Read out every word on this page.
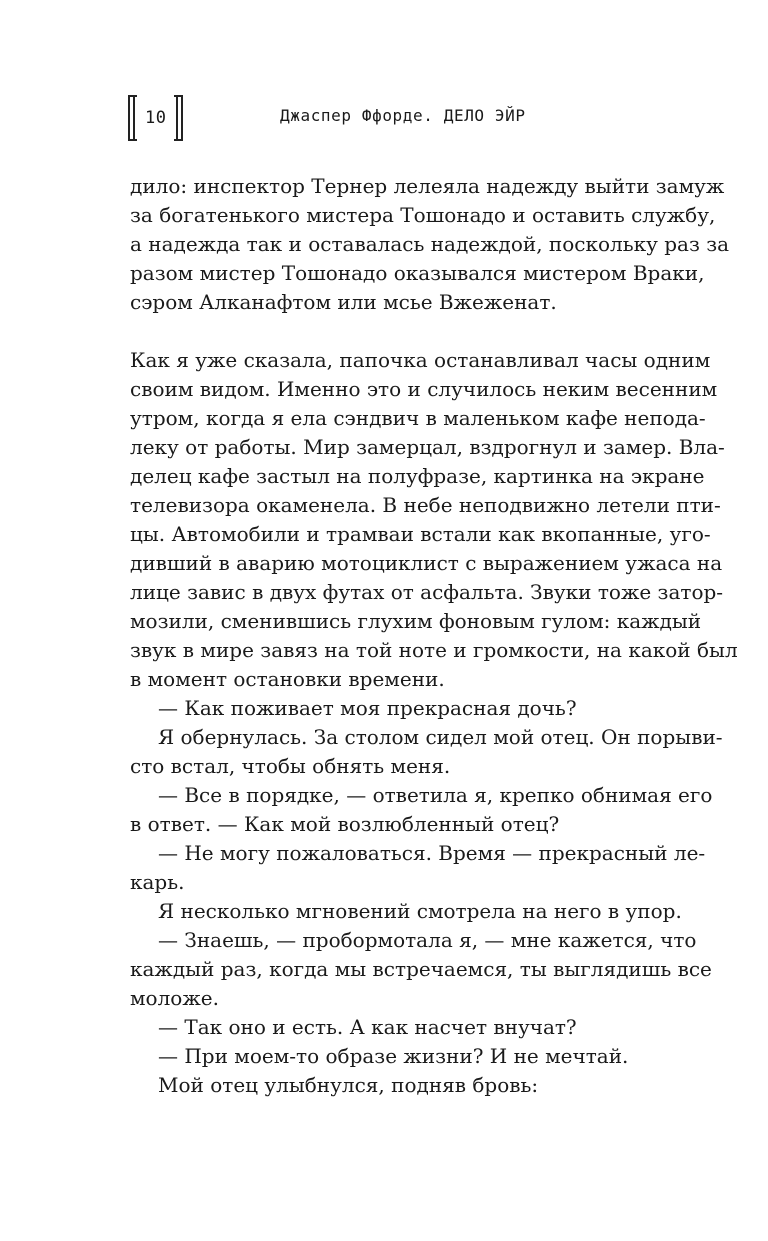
10	Джаспер Ффорде. ДЕЛО ЭЙР
дило: инспектор Тернер лелеяла надежду выйти замуж
за богатенького мистера Тошонадо и оставить службу,
а надежда так и оставалась надеждой, поскольку раз за
разом мистер Тошонадо оказывался мистером Враки,
сэром Алканафтом или мсье Вжеженат.
Как я уже сказала, папочка останавливал часы одним
своим видом. Именно это и случилось неким весенним
утром, когда я ела сэндвич в маленьком кафе непода-
леку от работы. Мир замерцал, вздрогнул и замер. Вла-
делец кафе застыл на полуфразе, картинка на экране
телевизора окаменела. В небе неподвижно летели пти-
цы. Автомобили и трамваи встали как вкопанные, уго-
дивший в аварию мотоциклист с выражением ужаса на
лице завис в двух футах от асфальта. Звуки тоже затор-
мозили, сменившись глухим фоновым гулом: каждый
звук в мире завяз на той ноте и громкости, на какой был
в момент остановки времени.
— Как поживает моя прекрасная дочь?
Я обернулась. За столом сидел мой отец. Он порыви-
сто встал, чтобы обнять меня.
— Все в порядке, — ответила я, крепко обнимая его
в ответ. — Как мой возлюбленный отец?
— Не могу пожаловаться. Время — прекрасный ле-
карь.
Я несколько мгновений смотрела на него в упор.
— Знаешь, — пробормотала я, — мне кажется, что
каждый раз, когда мы встречаемся, ты выглядишь все
моложе.
— Так оно и есть. А как насчет внучат?
— При моем-то образе жизни? И не мечтай.
Мой отец улыбнулся, подняв бровь:
